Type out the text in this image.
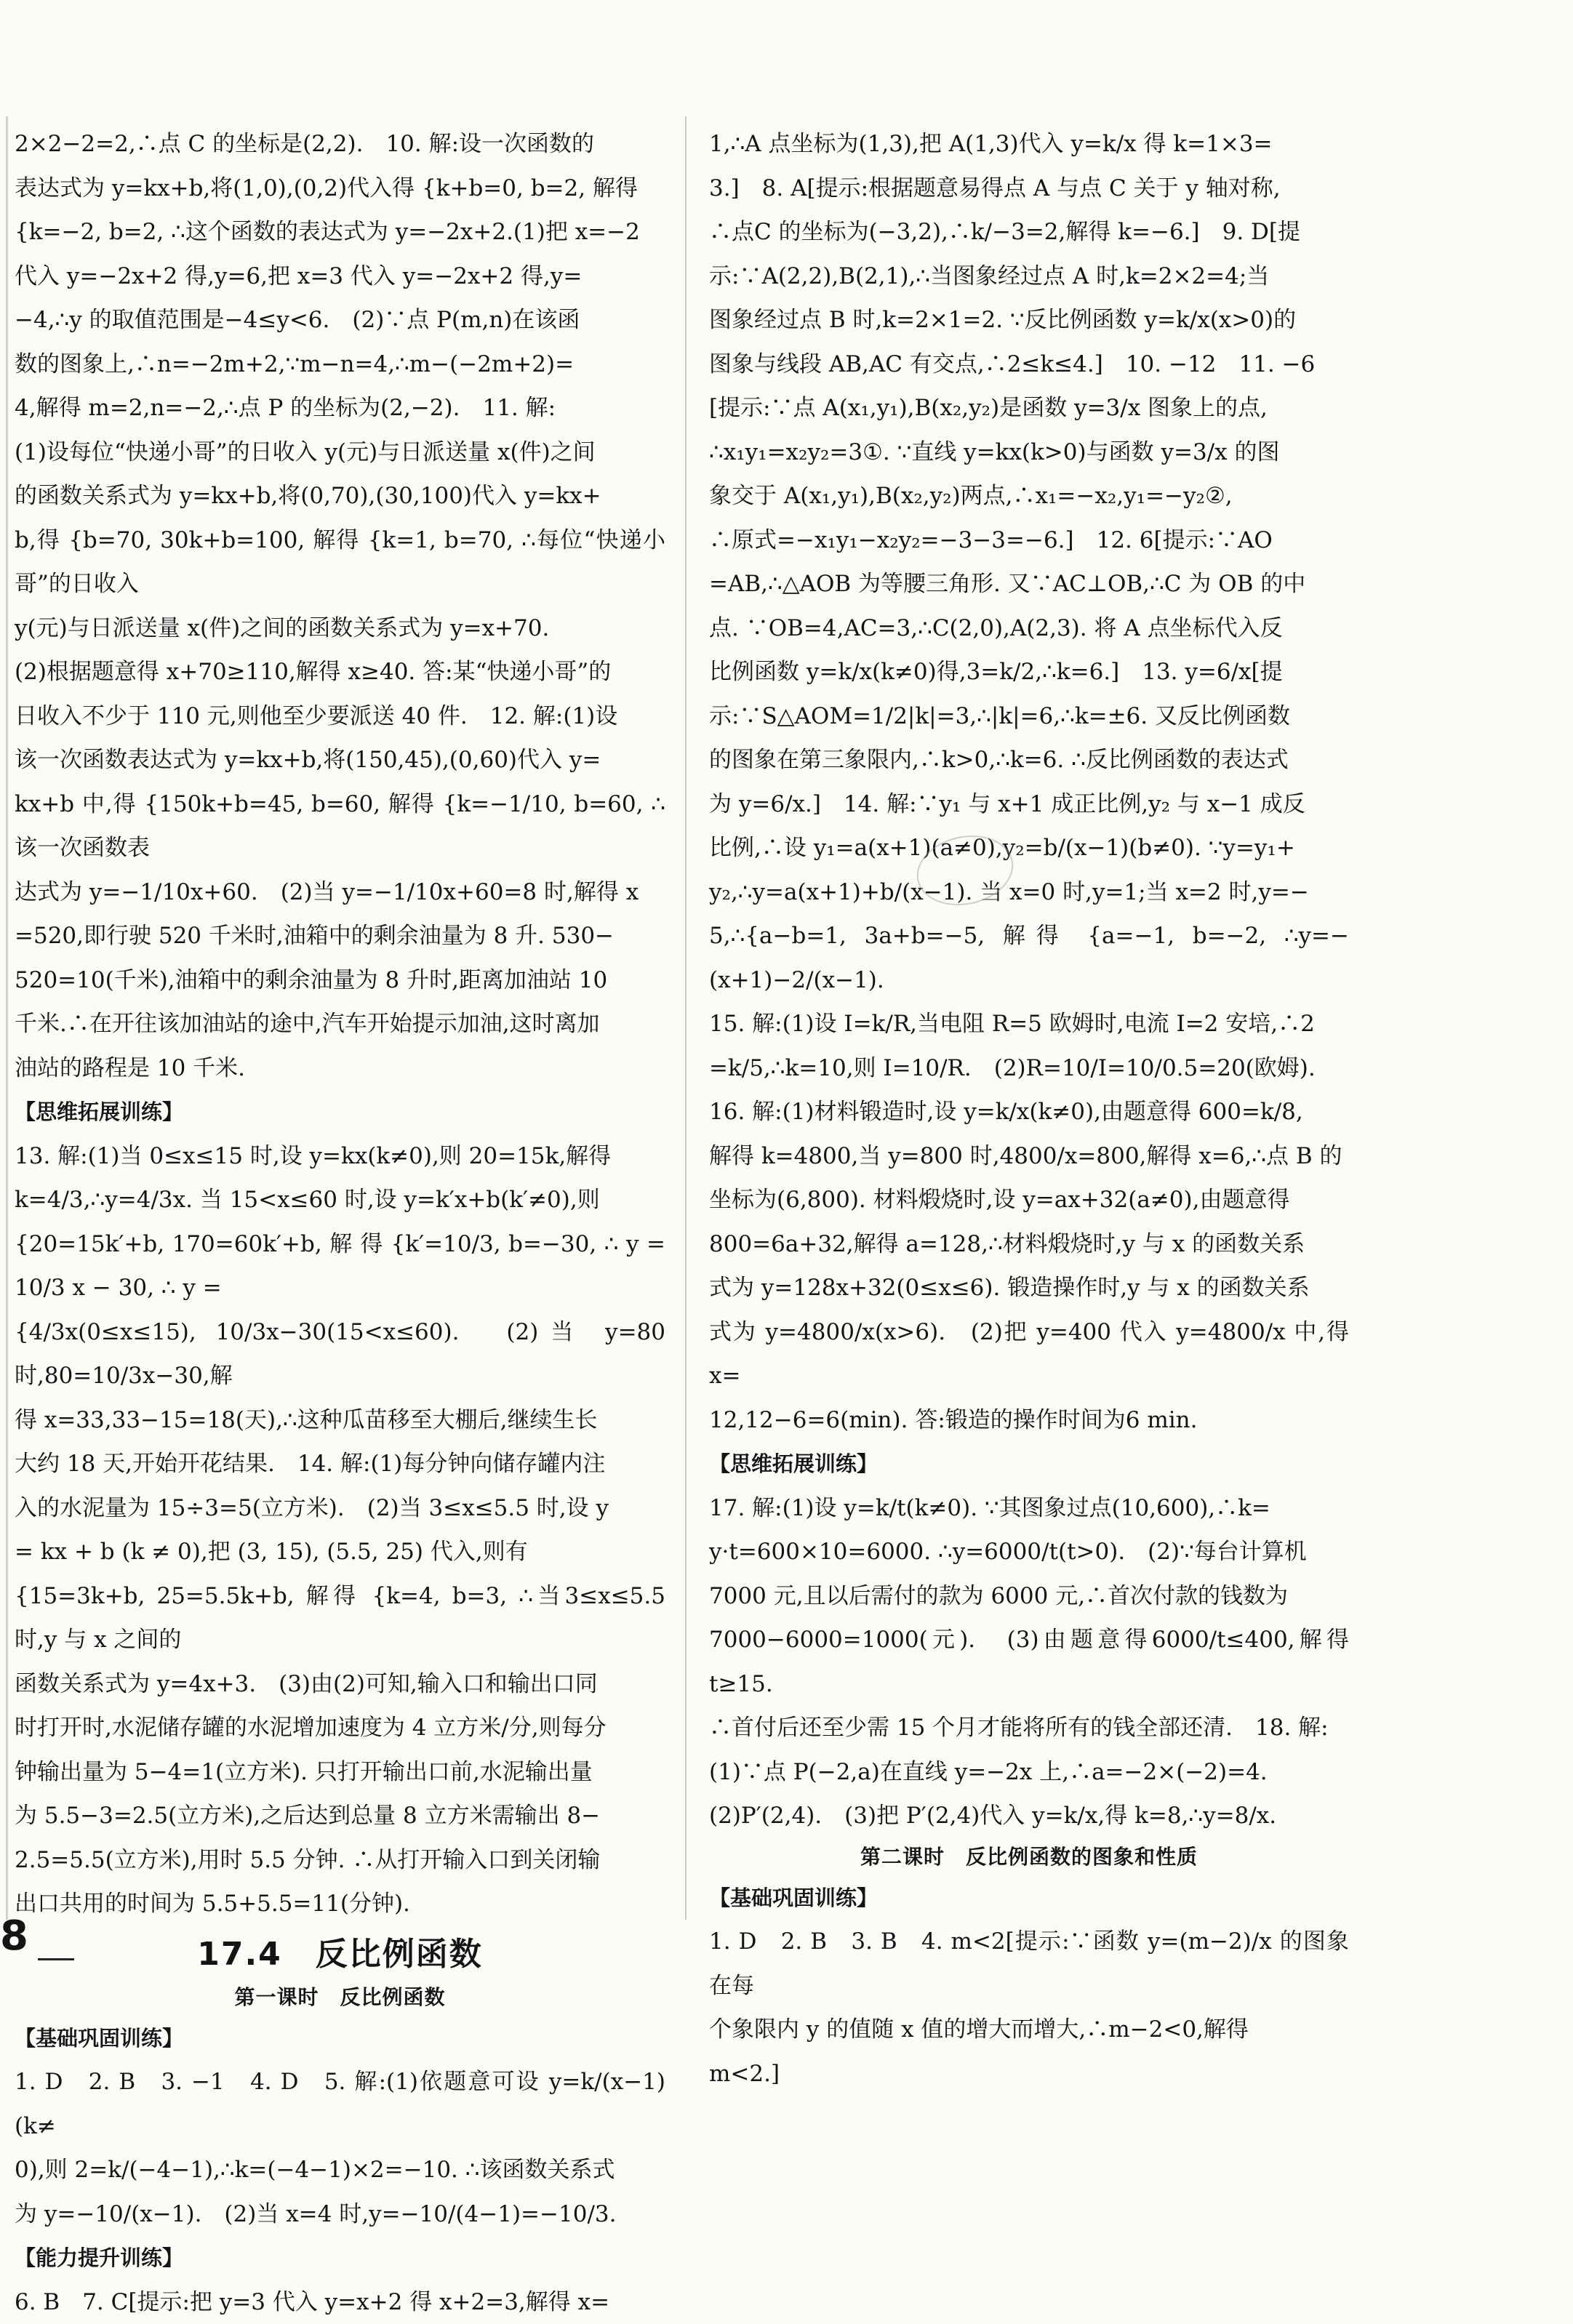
2×2−2=2,∴点 C 的坐标是(2,2).　10. 解:设一次函数的
表达式为 y=kx+b,将(1,0),(0,2)代入得 {k+b=0, b=2, 解得
{k=−2, b=2, ∴这个函数的表达式为 y=−2x+2.(1)把 x=−2
代入 y=−2x+2 得,y=6,把 x=3 代入 y=−2x+2 得,y=
−4,∴y 的取值范围是−4≤y<6.　(2)∵点 P(m,n)在该函
数的图象上,∴n=−2m+2,∵m−n=4,∴m−(−2m+2)=
4,解得 m=2,n=−2,∴点 P 的坐标为(2,−2).　11. 解:
(1)设每位“快递小哥”的日收入 y(元)与日派送量 x(件)之间
的函数关系式为 y=kx+b,将(0,70),(30,100)代入 y=kx+
b,得 {b=70, 30k+b=100, 解得 {k=1, b=70, ∴每位“快递小哥”的日收入
y(元)与日派送量 x(件)之间的函数关系式为 y=x+70.
(2)根据题意得 x+70≥110,解得 x≥40. 答:某“快递小哥”的
日收入不少于 110 元,则他至少要派送 40 件.　12. 解:(1)设
该一次函数表达式为 y=kx+b,将(150,45),(0,60)代入 y=
kx+b 中,得 {150k+b=45, b=60, 解得 {k=−1/10, b=60, ∴该一次函数表
达式为 y=−1/10x+60.　(2)当 y=−1/10x+60=8 时,解得 x
=520,即行驶 520 千米时,油箱中的剩余油量为 8 升. 530−
520=10(千米),油箱中的剩余油量为 8 升时,距离加油站 10
千米.∴在开往该加油站的途中,汽车开始提示加油,这时离加
油站的路程是 10 千米.
【思维拓展训练】
13. 解:(1)当 0≤x≤15 时,设 y=kx(k≠0),则 20=15k,解得
k=4/3,∴y=4/3x. 当 15<x≤60 时,设 y=k′x+b(k′≠0),则
{20=15k′+b, 170=60k′+b, 解 得 {k′=10/3, b=−30, ∴ y = 10/3 x − 30, ∴ y =
{4/3x(0≤x≤15), 10/3x−30(15<x≤60).　(2)当 y=80 时,80=10/3x−30,解
得 x=33,33−15=18(天),∴这种瓜苗移至大棚后,继续生长
大约 18 天,开始开花结果.　14. 解:(1)每分钟向储存罐内注
入的水泥量为 15÷3=5(立方米).　(2)当 3≤x≤5.5 时,设 y
= kx + b (k ≠ 0),把 (3, 15), (5.5, 25) 代入,则有
{15=3k+b, 25=5.5k+b, 解得 {k=4, b=3, ∴当3≤x≤5.5 时,y 与 x 之间的
函数关系式为 y=4x+3.　(3)由(2)可知,输入口和输出口同
时打开时,水泥储存罐的水泥增加速度为 4 立方米/分,则每分
钟输出量为 5−4=1(立方米). 只打开输出口前,水泥输出量
为 5.5−3=2.5(立方米),之后达到总量 8 立方米需输出 8−
2.5=5.5(立方米),用时 5.5 分钟. ∴从打开输入口到关闭输
出口共用的时间为 5.5+5.5=11(分钟).
17.4　反比例函数
第一课时　反比例函数
【基础巩固训练】
1. D　2. B　3. −1　4. D　5. 解:(1)依题意可设 y=k/(x−1)(k≠
0),则 2=k/(−4−1),∴k=(−4−1)×2=−10. ∴该函数关系式
为 y=−10/(x−1).　(2)当 x=4 时,y=−10/(4−1)=−10/3.
【能力提升训练】
6. B　7. C[提示:把 y=3 代入 y=x+2 得 x+2=3,解得 x=
1,∴A 点坐标为(1,3),把 A(1,3)代入 y=k/x 得 k=1×3=
3.]　8. A[提示:根据题意易得点 A 与点 C 关于 y 轴对称,
∴点C 的坐标为(−3,2),∴k/−3=2,解得 k=−6.]　9. D[提
示:∵A(2,2),B(2,1),∴当图象经过点 A 时,k=2×2=4;当
图象经过点 B 时,k=2×1=2. ∵反比例函数 y=k/x(x>0)的
图象与线段 AB,AC 有交点,∴2≤k≤4.]　10. −12　11. −6
[提示:∵点 A(x₁,y₁),B(x₂,y₂)是函数 y=3/x 图象上的点,
∴x₁y₁=x₂y₂=3①. ∵直线 y=kx(k>0)与函数 y=3/x 的图
象交于 A(x₁,y₁),B(x₂,y₂)两点,∴x₁=−x₂,y₁=−y₂②,
∴原式=−x₁y₁−x₂y₂=−3−3=−6.]　12. 6[提示:∵AO
=AB,∴△AOB 为等腰三角形. 又∵AC⊥OB,∴C 为 OB 的中
点. ∵OB=4,AC=3,∴C(2,0),A(2,3). 将 A 点坐标代入反
比例函数 y=k/x(k≠0)得,3=k/2,∴k=6.]　13. y=6/x[提
示:∵S△AOM=1/2|k|=3,∴|k|=6,∴k=±6. 又反比例函数
的图象在第三象限内,∴k>0,∴k=6. ∴反比例函数的表达式
为 y=6/x.]　14. 解:∵y₁ 与 x+1 成正比例,y₂ 与 x−1 成反
比例,∴设 y₁=a(x+1)(a≠0),y₂=b/(x−1)(b≠0). ∵y=y₁+
y₂,∴y=a(x+1)+b/(x−1). 当 x=0 时,y=1;当 x=2 时,y=−
5,∴{a−b=1, 3a+b=−5, 解得 {a=−1, b=−2, ∴y=−(x+1)−2/(x−1).
15. 解:(1)设 I=k/R,当电阻 R=5 欧姆时,电流 I=2 安培,∴2
=k/5,∴k=10,则 I=10/R.　(2)R=10/I=10/0.5=20(欧姆).
16. 解:(1)材料锻造时,设 y=k/x(k≠0),由题意得 600=k/8,
解得 k=4800,当 y=800 时,4800/x=800,解得 x=6,∴点 B 的
坐标为(6,800). 材料煅烧时,设 y=ax+32(a≠0),由题意得
800=6a+32,解得 a=128,∴材料煅烧时,y 与 x 的函数关系
式为 y=128x+32(0≤x≤6). 锻造操作时,y 与 x 的函数关系
式为 y=4800/x(x>6).　(2)把 y=400 代入 y=4800/x 中,得 x=
12,12−6=6(min). 答:锻造的操作时间为6 min.
【思维拓展训练】
17. 解:(1)设 y=k/t(k≠0). ∵其图象过点(10,600),∴k=
y·t=600×10=6000. ∴y=6000/t(t>0).　(2)∵每台计算机
7000 元,且以后需付的款为 6000 元,∴首次付款的钱数为
7000−6000=1000(元).　(3)由题意得6000/t≤400,解得 t≥15.
∴首付后还至少需 15 个月才能将所有的钱全部还清.　18. 解:
(1)∵点 P(−2,a)在直线 y=−2x 上,∴a=−2×(−2)=4.
(2)P′(2,4).　(3)把 P′(2,4)代入 y=k/x,得 k=8,∴y=8/x.
第二课时　反比例函数的图象和性质
【基础巩固训练】
1. D　2. B　3. B　4. m<2[提示:∵函数 y=(m−2)/x 的图象在每
个象限内 y 的值随 x 值的增大而增大,∴m−2<0,解得
m<2.]
8
